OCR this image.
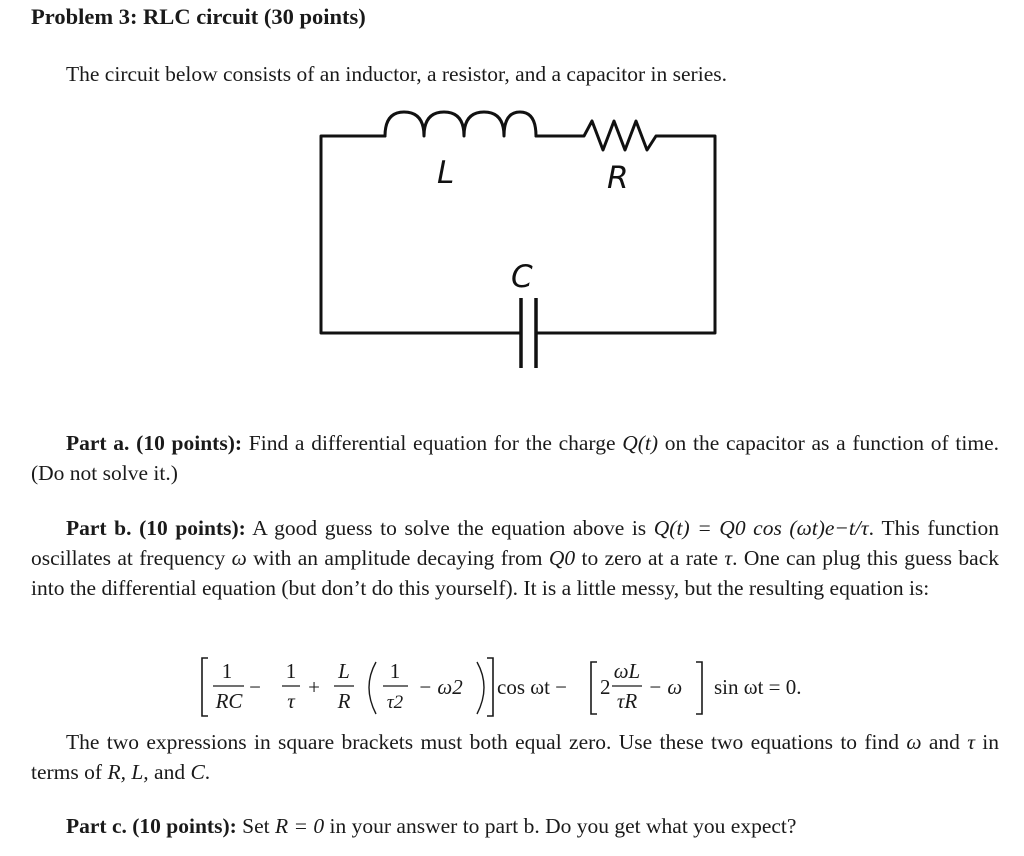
Problem 3: RLC circuit (30 points)
The circuit below consists of an inductor, a resistor, and a capacitor in series.
L	R
C
Part a. (10 points): Find a differential equation for the charge Q(t) on the capacitor as a function of time. (Do not solve it.)
Part b. (10 points): A good guess to solve the equation above is Q(t) = Q0 cos (ωt)e−t/τ. This function oscillates at frequency ω with an amplitude decaying from Q0 to zero at a rate τ. One can plug this guess back into the differential equation (but don’t do this yourself). It is a little messy, but the resulting equation is:
1
RC
−
1
τ
+
L
R
1
τ2
− ω2 cos ωt − 2
ωL
τR
− ω sin ωt = 0.
The two expressions in square brackets must both equal zero. Use these two equations to find ω and τ in terms of R, L, and C.
Part c. (10 points): Set R = 0 in your answer to part b. Do you get what you expect?
